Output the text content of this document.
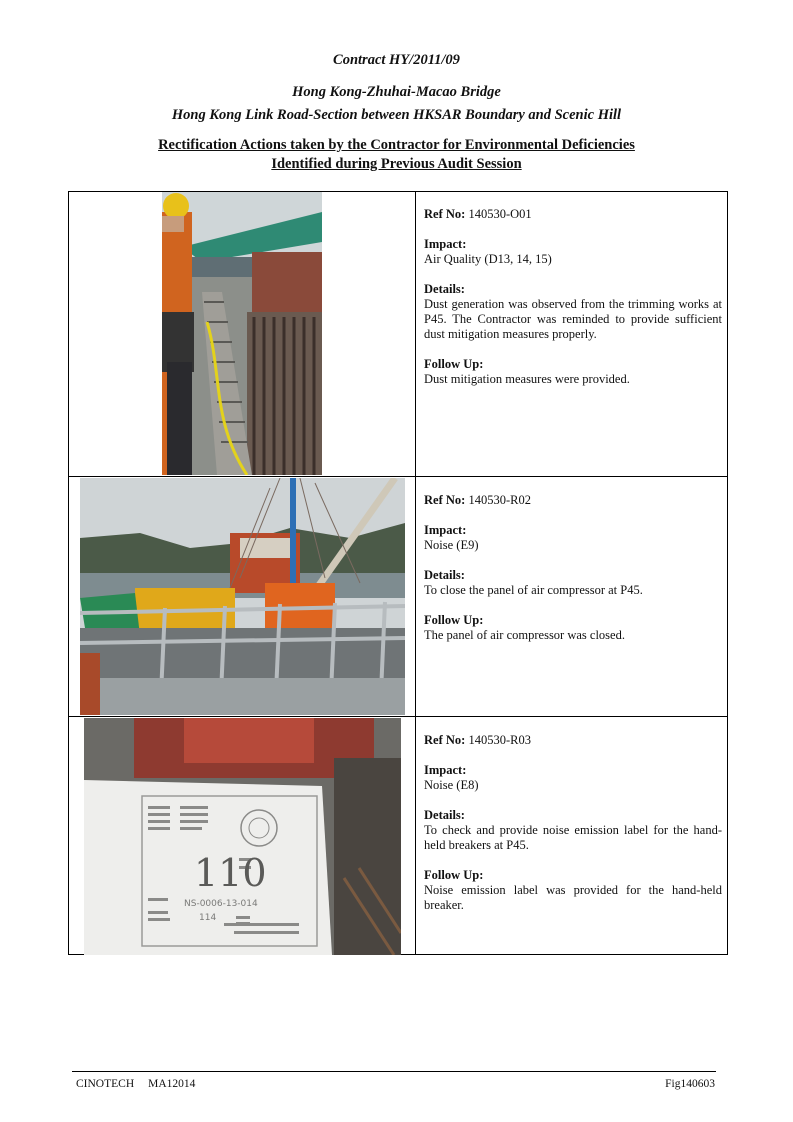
Contract HY/2011/09
Hong Kong-Zhuhai-Macao Bridge
Hong Kong Link Road-Section between HKSAR Boundary and Scenic Hill
Rectification Actions taken by the Contractor for Environmental Deficiencies
Identified during Previous Audit Session
110
NS-0006-13-014
114

Ref No: 140530-O01

Impact:

Air Quality (D13, 14, 15)

Details:

Dust generation was observed from the trimming works at P45. The Contractor was reminded to provide sufficient dust mitigation measures properly.

Follow Up:

Dust mitigation measures were provided.

Ref No: 140530-R02

Impact:

Noise (E9)

Details:

To close the panel of air compressor at P45.

Follow Up:

The panel of air compressor was closed.

Ref No: 140530-R03

Impact:

Noise (E8)

Details:

To check and provide noise emission label for the hand-held breakers at P45.

Follow Up:

Noise emission label was provided for the hand-held breaker.

CINOTECH MA12014	Fig140603
